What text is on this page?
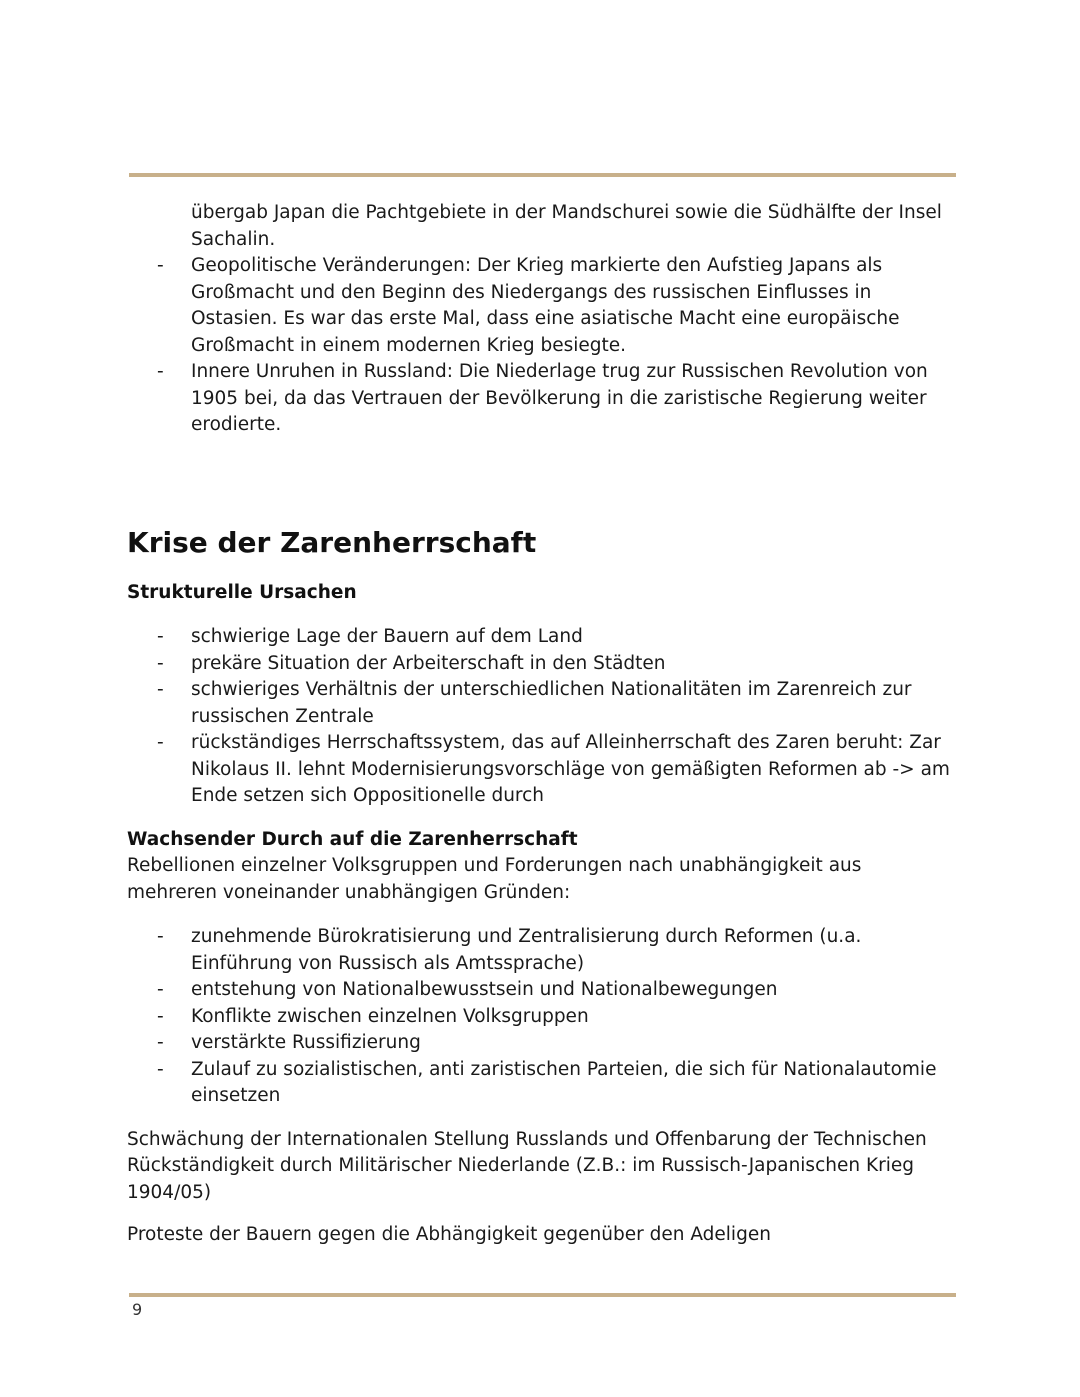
übergab Japan die Pachtgebiete in der Mandschurei sowie die Südhälfte der Insel Sachalin.

- Geopolitische Veränderungen: Der Krieg markierte den Aufstieg Japans als Großmacht und den Beginn des Niedergangs des russischen Einflusses in Ostasien. Es war das erste Mal, dass eine asiatische Macht eine europäische Großmacht in einem modernen Krieg besiegte.
- Innere Unruhen in Russland: Die Niederlage trug zur Russischen Revolution von 1905 bei, da das Vertrauen der Bevölkerung in die zaristische Regierung weiter erodierte.
Krise der Zarenherrschaft
Strukturelle Ursachen
- schwierige Lage der Bauern auf dem Land
- prekäre Situation der Arbeiterschaft in den Städten
- schwieriges Verhältnis der unterschiedlichen Nationalitäten im Zarenreich zur russischen Zentrale
- rückständiges Herrschaftssystem, das auf Alleinherrschaft des Zaren beruht: Zar Nikolaus II. lehnt Modernisierungsvorschläge von gemäßigten Reformen ab -> am Ende setzen sich Oppositionelle durch
Wachsender Durch auf die Zarenherrschaft

Rebellionen einzelner Volksgruppen und Forderungen nach unabhängigkeit aus mehreren voneinander unabhängigen Gründen:

- zunehmende Bürokratisierung und Zentralisierung durch Reformen (u.a. Einführung von Russisch als Amtssprache)
- entstehung von Nationalbewusstsein und Nationalbewegungen
- Konflikte zwischen einzelnen Volksgruppen
- verstärkte Russifizierung
- Zulauf zu sozialistischen, anti zaristischen Parteien, die sich für Nationalautomie einsetzen

Schwächung der Internationalen Stellung Russlands und Offenbarung der Technischen Rückständigkeit durch Militärischer Niederlande (Z.B.: im Russisch-Japanischen Krieg 1904/05)

Proteste der Bauern gegen die Abhängigkeit gegenüber den Adeligen

9
